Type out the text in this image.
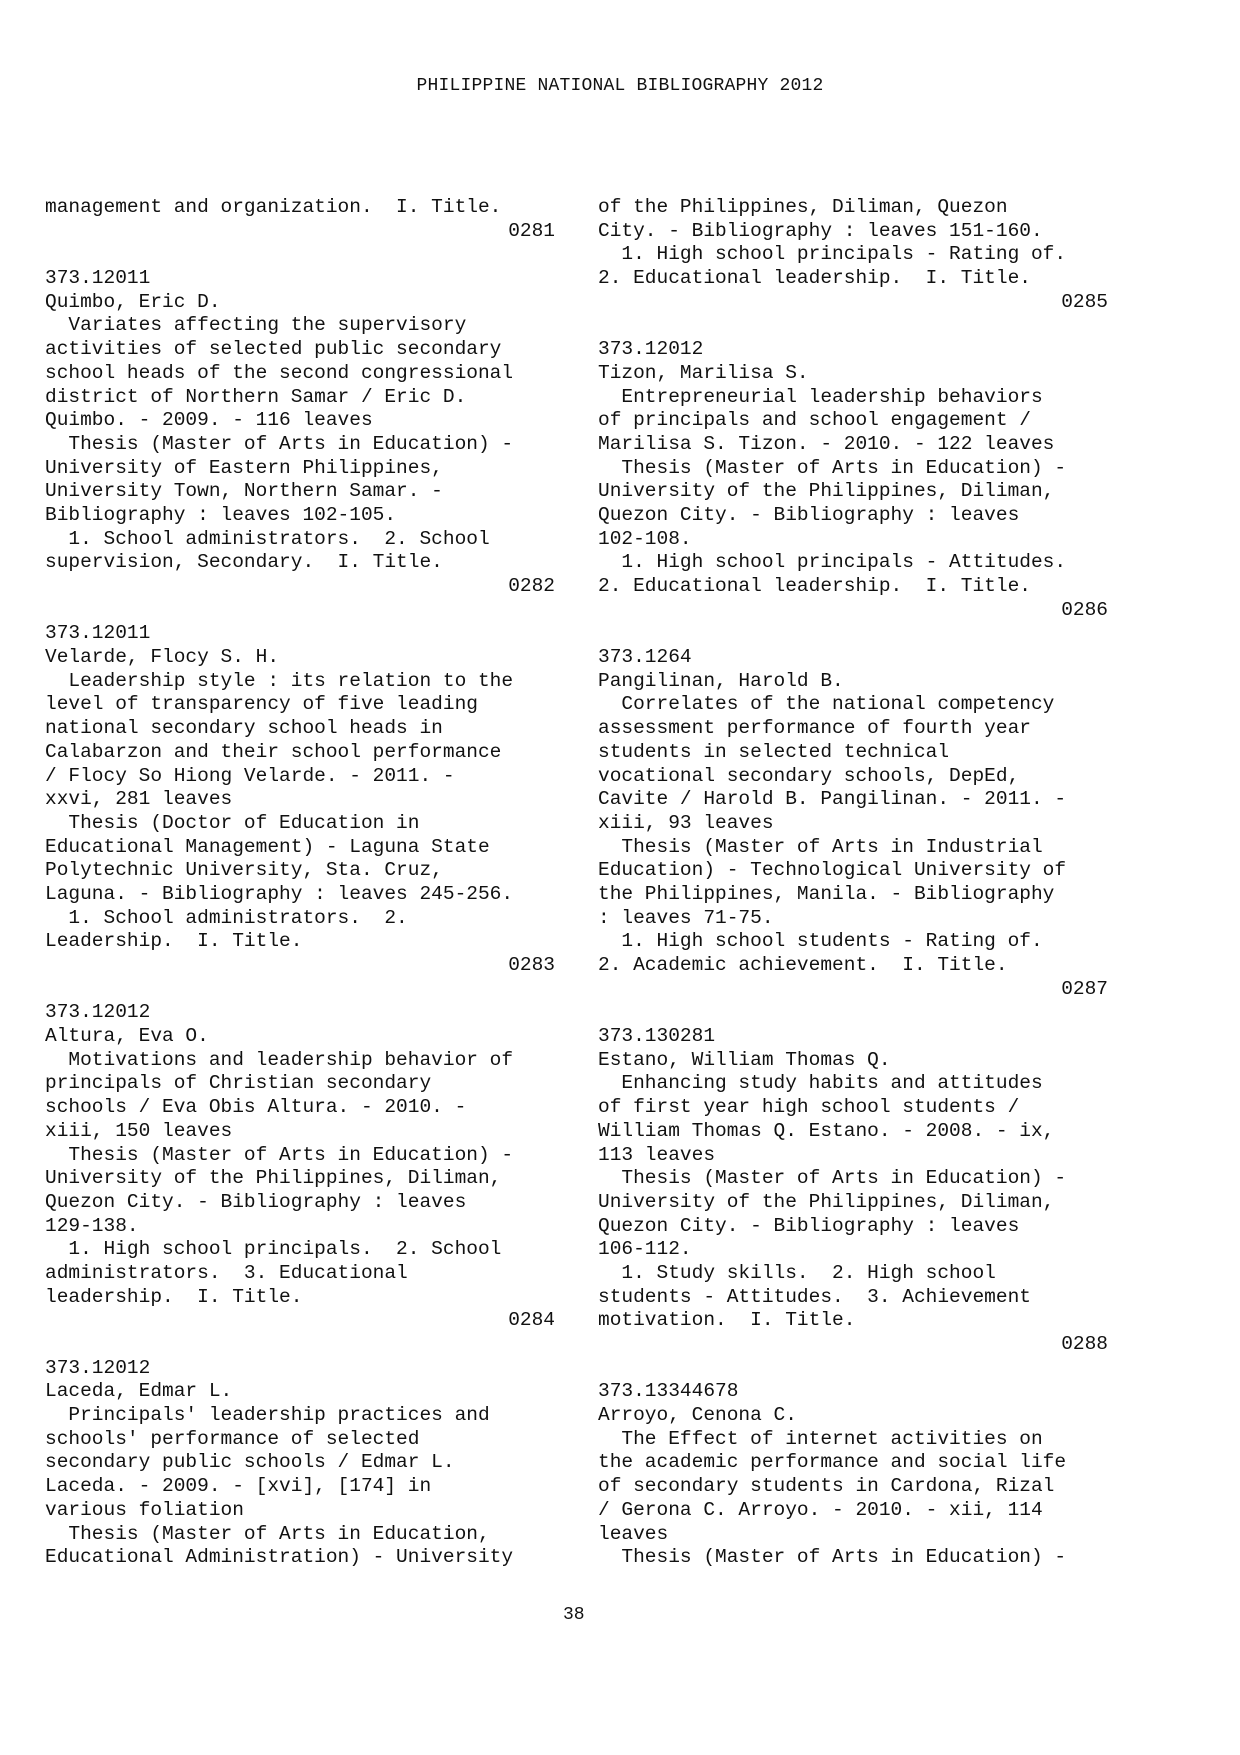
PHILIPPINE NATIONAL BIBLIOGRAPHY 2012
management and organization.  I. Title.
0281
373.12011
Quimbo, Eric D.
Variates affecting the supervisory
activities of selected public secondary
school heads of the second congressional
district of Northern Samar / Eric D.
Quimbo. - 2009. - 116 leaves
Thesis (Master of Arts in Education) -
University of Eastern Philippines,
University Town, Northern Samar. -
Bibliography : leaves 102-105.
1. School administrators.  2. School
supervision, Secondary.  I. Title.
0282
373.12011
Velarde, Flocy S. H.
Leadership style : its relation to the
level of transparency of five leading
national secondary school heads in
Calabarzon and their school performance
/ Flocy So Hiong Velarde. - 2011. -
xxvi, 281 leaves
Thesis (Doctor of Education in
Educational Management) - Laguna State
Polytechnic University, Sta. Cruz,
Laguna. - Bibliography : leaves 245-256.
1. School administrators.  2.
Leadership.  I. Title.
0283
373.12012
Altura, Eva O.
Motivations and leadership behavior of
principals of Christian secondary
schools / Eva Obis Altura. - 2010. -
xiii, 150 leaves
Thesis (Master of Arts in Education) -
University of the Philippines, Diliman,
Quezon City. - Bibliography : leaves
129-138.
1. High school principals.  2. School
administrators.  3. Educational
leadership.  I. Title.
0284
373.12012
Laceda, Edmar L.
Principals' leadership practices and
schools' performance of selected
secondary public schools / Edmar L.
Laceda. - 2009. - [xvi], [174] in
various foliation
Thesis (Master of Arts in Education,
Educational Administration) - University
of the Philippines, Diliman, Quezon
City. - Bibliography : leaves 151-160.
1. High school principals - Rating of.
2. Educational leadership.  I. Title.
0285
373.12012
Tizon, Marilisa S.
Entrepreneurial leadership behaviors
of principals and school engagement /
Marilisa S. Tizon. - 2010. - 122 leaves
Thesis (Master of Arts in Education) -
University of the Philippines, Diliman,
Quezon City. - Bibliography : leaves
102-108.
1. High school principals - Attitudes.
2. Educational leadership.  I. Title.
0286
373.1264
Pangilinan, Harold B.
Correlates of the national competency
assessment performance of fourth year
students in selected technical
vocational secondary schools, DepEd,
Cavite / Harold B. Pangilinan. - 2011. -
xiii, 93 leaves
Thesis (Master of Arts in Industrial
Education) - Technological University of
the Philippines, Manila. - Bibliography
: leaves 71-75.
1. High school students - Rating of.
2. Academic achievement.  I. Title.
0287
373.130281
Estano, William Thomas Q.
Enhancing study habits and attitudes
of first year high school students /
William Thomas Q. Estano. - 2008. - ix,
113 leaves
Thesis (Master of Arts in Education) -
University of the Philippines, Diliman,
Quezon City. - Bibliography : leaves
106-112.
1. Study skills.  2. High school
students - Attitudes.  3. Achievement
motivation.  I. Title.
0288
373.13344678
Arroyo, Cenona C.
The Effect of internet activities on
the academic performance and social life
of secondary students in Cardona, Rizal
/ Gerona C. Arroyo. - 2010. - xii, 114
leaves
Thesis (Master of Arts in Education) -
38
